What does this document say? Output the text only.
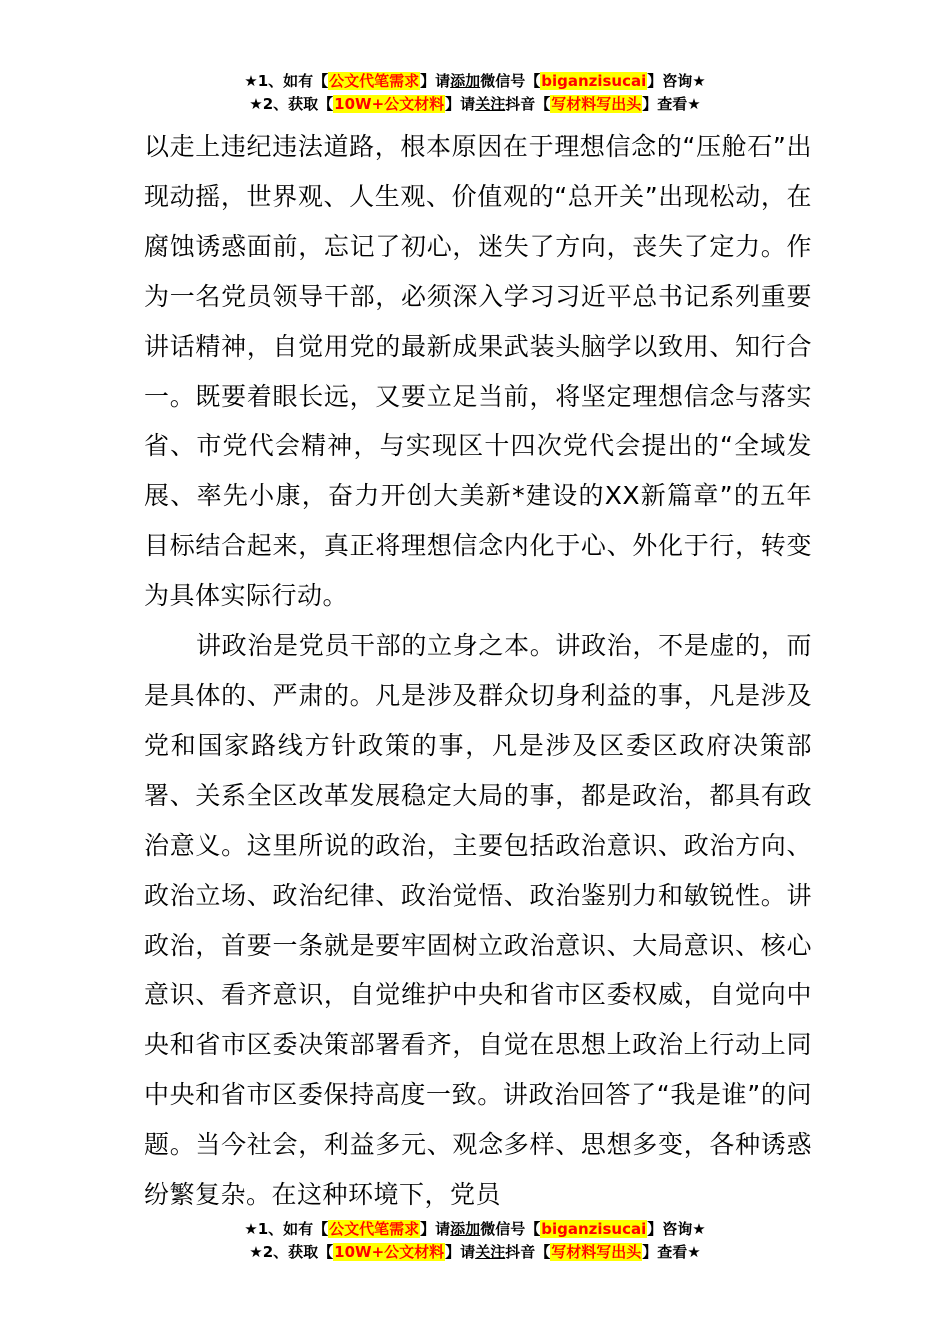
★1、如有【公文代笔需求】请添加微信号【biganzisucai】咨询★
★2、获取【10W+公文材料】请关注抖音【写材料写出头】查看★

以走上违纪违法道路，根本原因在于理想信念的“压舱石”出现动摇，世界观、人生观、价值观的“总开关”出现松动，在腐蚀诱惑面前，忘记了初心，迷失了方向，丧失了定力。作为一名党员领导干部，必须深入学习习近平总书记系列重要讲话精神，自觉用党的最新成果武装头脑学以致用、知行合一。既要着眼长远，又要立足当前，将坚定理想信念与落实省、市党代会精神，与实现区十四次党代会提出的“全域发展、率先小康，奋力开创大美新*建设的XX新篇章”的五年目标结合起来，真正将理想信念内化于心、外化于行，转变为具体实际行动。

讲政治是党员干部的立身之本。讲政治，不是虚的，而是具体的、严肃的。凡是涉及群众切身利益的事，凡是涉及党和国家路线方针政策的事，凡是涉及区委区政府决策部署、关系全区改革发展稳定大局的事，都是政治，都具有政治意义。这里所说的政治，主要包括政治意识、政治方向、政治立场、政治纪律、政治觉悟、政治鉴别力和敏锐性。讲政治，首要一条就是要牢固树立政治意识、大局意识、核心意识、看齐意识，自觉维护中央和省市区委权威，自觉向中央和省市区委决策部署看齐，自觉在思想上政治上行动上同中央和省市区委保持高度一致。讲政治回答了“我是谁”的问题。当今社会，利益多元、观念多样、思想多变，各种诱惑纷繁复杂。在这种环境下，党员

★1、如有【公文代笔需求】请添加微信号【biganzisucai】咨询★
★2、获取【10W+公文材料】请关注抖音【写材料写出头】查看★
